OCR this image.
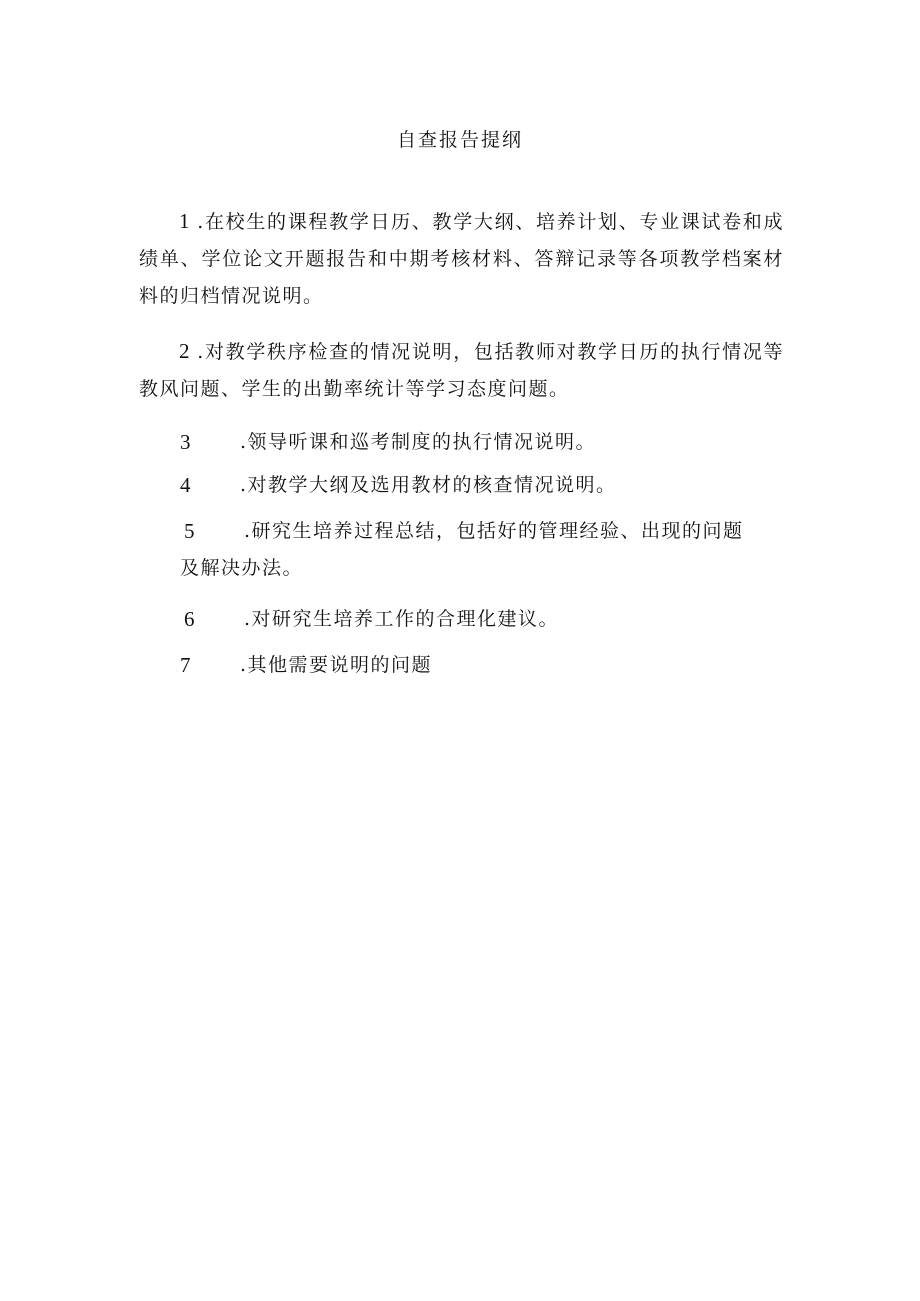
自查报告提纲
1 .在校生的课程教学日历、教学大纲、培养计划、专业课试卷和成绩单、学位论文开题报告和中期考核材料、答辩记录等各项教学档案材料的归档情况说明。
2 .对教学秩序检查的情况说明，包括教师对教学日历的执行情况等教风问题、学生的出勤率统计等学习态度问题。
3	.领导听课和巡考制度的执行情况说明。
4	.对教学大纲及选用教材的核查情况说明。
5	.研究生培养过程总结，包括好的管理经验、出现的问题
及解决办法。
6	.对研究生培养工作的合理化建议。
7	.其他需要说明的问题
